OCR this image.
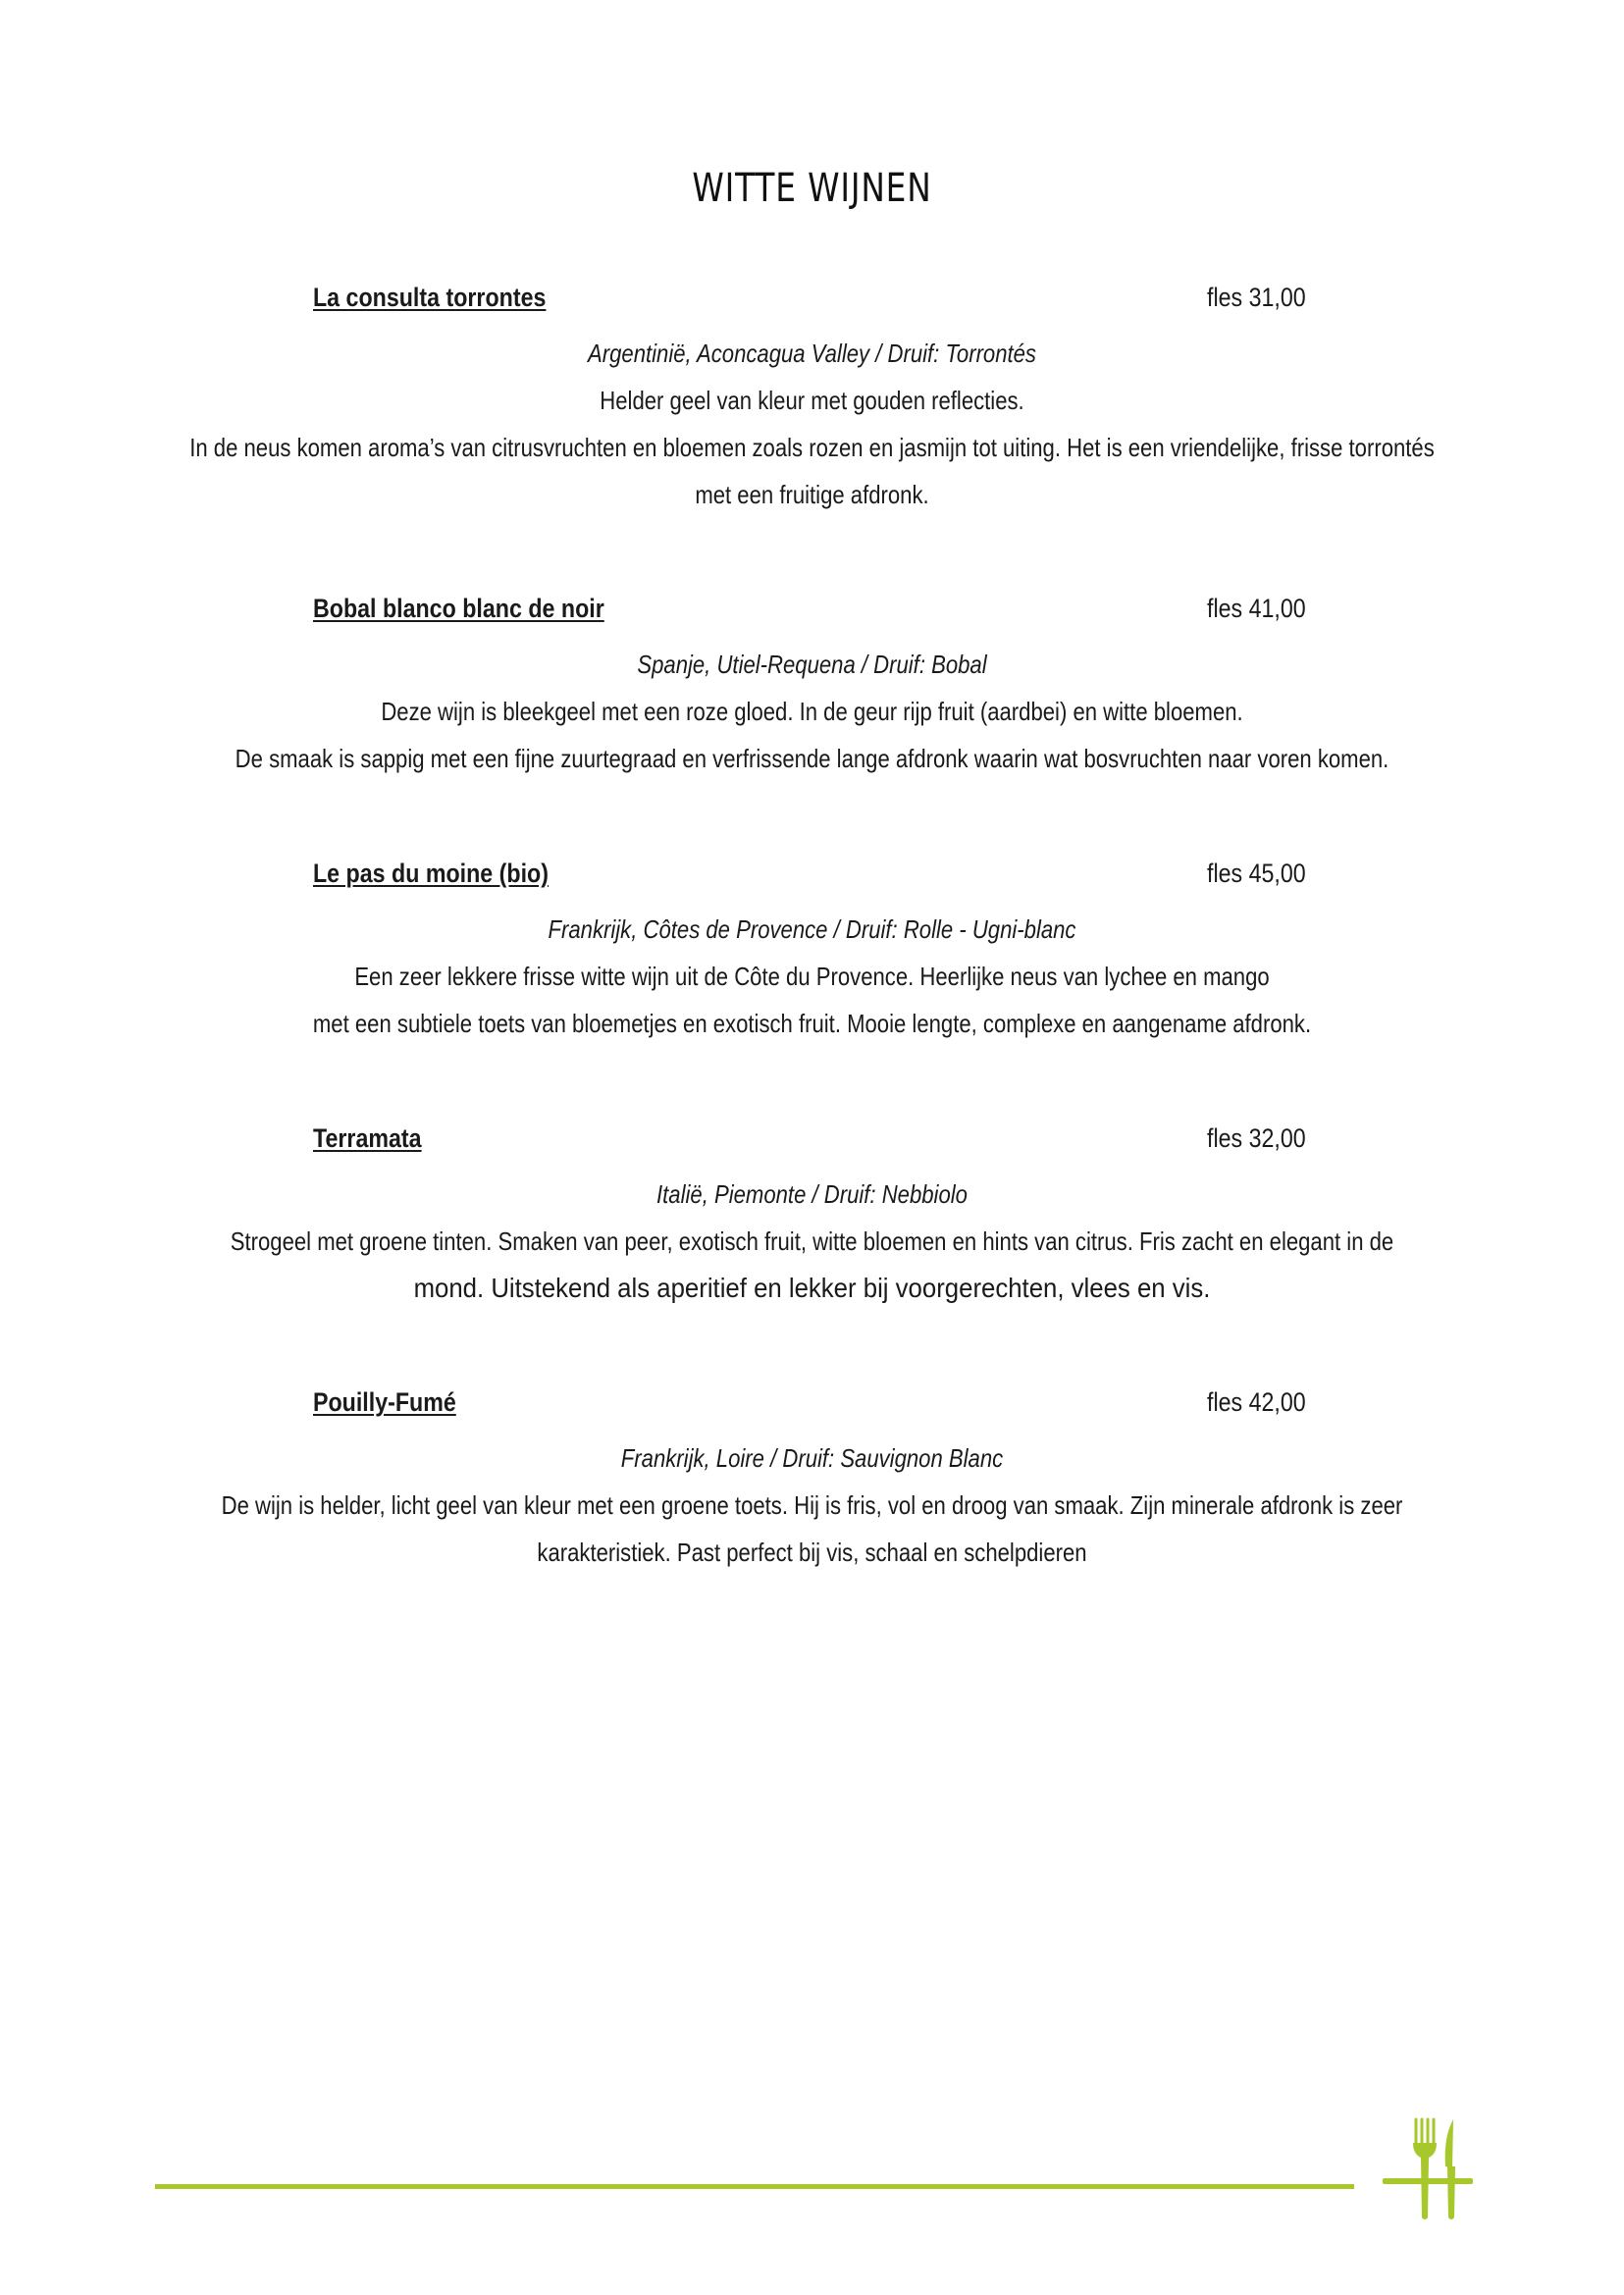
WITTE WIJNEN
La consulta torrontes	fles 31,00
Argentinië, Aconcagua Valley / Druif: Torrontés
Helder geel van kleur met gouden reflecties.
In de neus komen aroma’s van citrusvruchten en bloemen zoals rozen en jasmijn tot uiting. Het is een vriendelijke, frisse torrontés
met een fruitige afdronk.
Bobal blanco blanc de noir	fles 41,00
Spanje, Utiel-Requena / Druif: Bobal
Deze wijn is bleekgeel met een roze gloed. In de geur rijp fruit (aardbei) en witte bloemen.
De smaak is sappig met een fijne zuurtegraad en verfrissende lange afdronk waarin wat bosvruchten naar voren komen.
Le pas du moine (bio)	fles 45,00
Frankrijk, Côtes de Provence / Druif: Rolle - Ugni-blanc
Een zeer lekkere frisse witte wijn uit de Côte du Provence. Heerlijke neus van lychee en mango
met een subtiele toets van bloemetjes en exotisch fruit. Mooie lengte, complexe en aangename afdronk.
Terramata	fles 32,00
Italië, Piemonte / Druif: Nebbiolo
Strogeel met groene tinten. Smaken van peer, exotisch fruit, witte bloemen en hints van citrus. Fris zacht en elegant in de
mond. Uitstekend als aperitief en lekker bij voorgerechten, vlees en vis.
Pouilly-Fumé	fles 42,00
Frankrijk, Loire / Druif: Sauvignon Blanc
De wijn is helder, licht geel van kleur met een groene toets. Hij is fris, vol en droog van smaak. Zijn minerale afdronk is zeer
karakteristiek. Past perfect bij vis, schaal en schelpdieren
